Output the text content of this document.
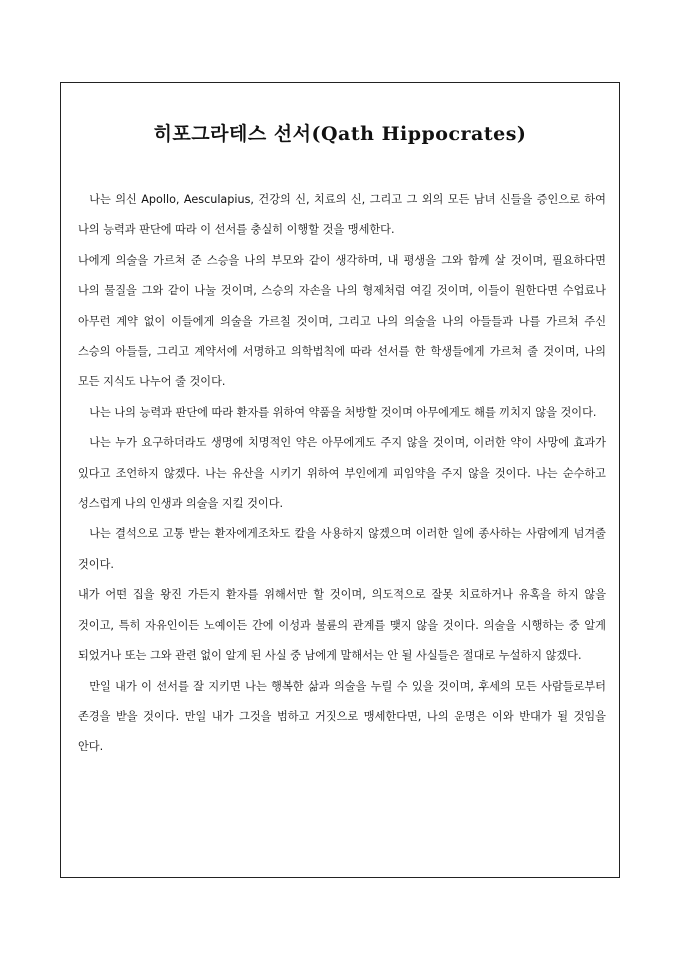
히포그라테스 선서(Qath Hippocrates)

나는 의신 Apollo, Aesculapius, 건강의 신, 치료의 신, 그리고 그 외의 모든 남녀 신들을 증인으로 하여 나의 능력과 판단에 따라 이 선서를 충실히 이행할 것을 맹세한다.

나에게 의술을 가르쳐 준 스승을 나의 부모와 같이 생각하며, 내 평생을 그와 함께 살 것이며, 필요하다면 나의 물질을 그와 같이 나눌 것이며, 스승의 자손을 나의 형제처럼 여길 것이며, 이들이 원한다면 수업료나 아무런 계약 없이 이들에게 의술을 가르칠 것이며, 그리고 나의 의술을 나의 아들들과 나를 가르쳐 주신 스승의 아들들, 그리고 계약서에 서명하고 의학법칙에 따라 선서를 한 학생들에게 가르쳐 줄 것이며, 나의 모든 지식도 나누어 줄 것이다.

나는 나의 능력과 판단에 따라 환자를 위하여 약품을 처방할 것이며 아무에게도 해를 끼치지 않을 것이다.

나는 누가 요구하더라도 생명에 치명적인 약은 아무에게도 주지 않을 것이며, 이러한 약이 사망에 효과가 있다고 조언하지 않겠다. 나는 유산을 시키기 위하여 부인에게 피임약을 주지 않을 것이다. 나는 순수하고 성스럽게 나의 인생과 의술을 지킬 것이다.

나는 결석으로 고통 받는 환자에게조차도 칼을 사용하지 않겠으며 이러한 일에 종사하는 사람에게 넘겨줄 것이다.

내가 어떤 집을 왕진 가든지 환자를 위해서만 할 것이며, 의도적으로 잘못 치료하거나 유혹을 하지 않을 것이고, 특히 자유인이든 노예이든 간에 이성과 불륜의 관계를 맺지 않을 것이다. 의술을 시행하는 중 알게 되었거나 또는 그와 관련 없이 알게 된 사실 중 남에게 말해서는 안 될 사실들은 절대로 누설하지 않겠다.

만일 내가 이 선서를 잘 지키면 나는 행복한 삶과 의술을 누릴 수 있을 것이며, 후세의 모든 사람들로부터 존경을 받을 것이다. 만일 내가 그것을 범하고 거짓으로 맹세한다면, 나의 운명은 이와 반대가 될 것임을 안다.
